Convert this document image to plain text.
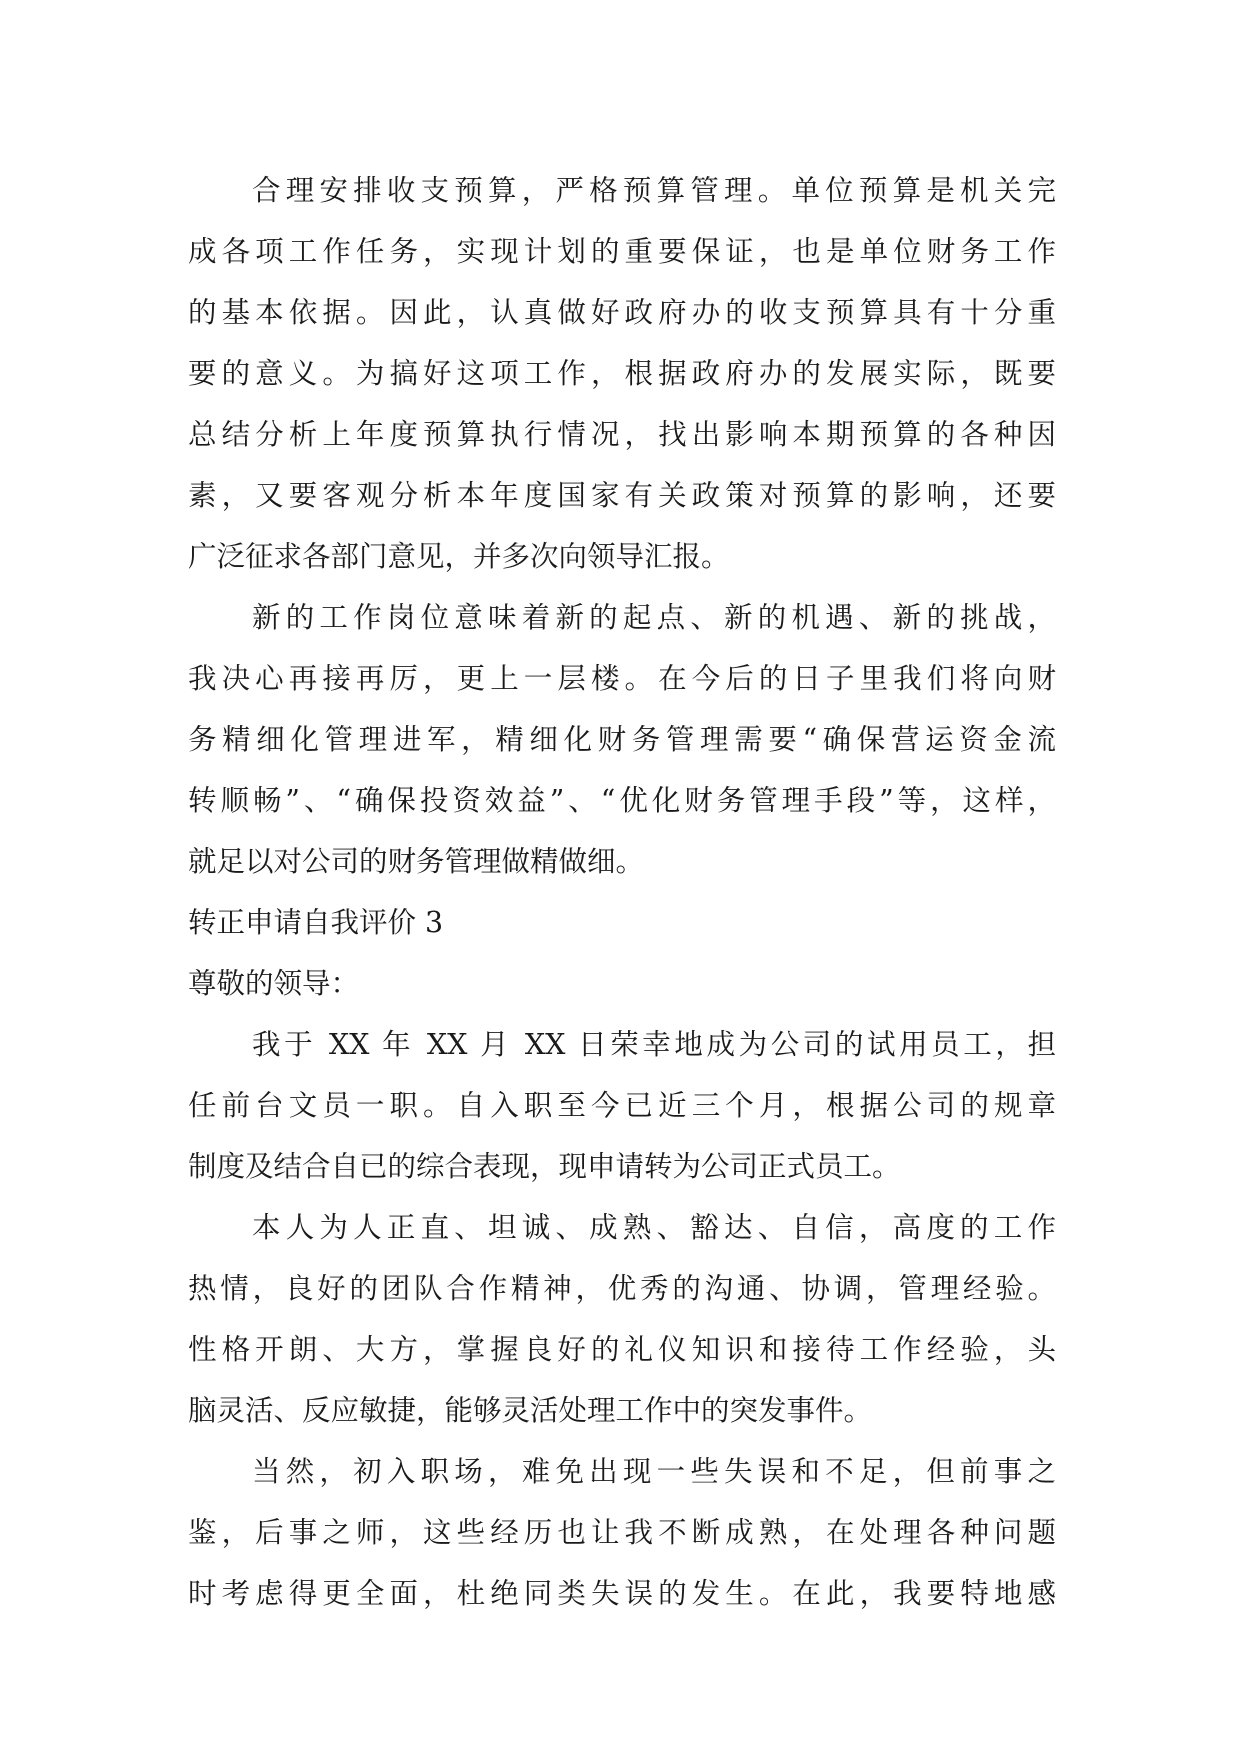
合理安排收支预算，严格预算管理。单位预算是机关完
成各项工作任务，实现计划的重要保证，也是单位财务工作
的基本依据。因此，认真做好政府办的收支预算具有十分重
要的意义。为搞好这项工作，根据政府办的发展实际，既要
总结分析上年度预算执行情况，找出影响本期预算的各种因
素，又要客观分析本年度国家有关政策对预算的影响，还要
广泛征求各部门意见，并多次向领导汇报。
新的工作岗位意味着新的起点、新的机遇、新的挑战，
我决心再接再厉，更上一层楼。在今后的日子里我们将向财
务精细化管理进军，精细化财务管理需要“确保营运资金流
转顺畅”、“确保投资效益”、“优化财务管理手段”等，这样，
就足以对公司的财务管理做精做细。
转正申请自我评价 3
尊敬的领导：
我于 XX 年 XX 月 XX 日荣幸地成为公司的试用员工，担
任前台文员一职。自入职至今已近三个月，根据公司的规章
制度及结合自已的综合表现，现申请转为公司正式员工。
本人为人正直、坦诚、成熟、豁达、自信，高度的工作
热情，良好的团队合作精神，优秀的沟通、协调，管理经验。
性格开朗、大方，掌握良好的礼仪知识和接待工作经验，头
脑灵活、反应敏捷，能够灵活处理工作中的突发事件。
当然，初入职场，难免出现一些失误和不足，但前事之
鉴，后事之师，这些经历也让我不断成熟，在处理各种问题
时考虑得更全面，杜绝同类失误的发生。在此，我要特地感
